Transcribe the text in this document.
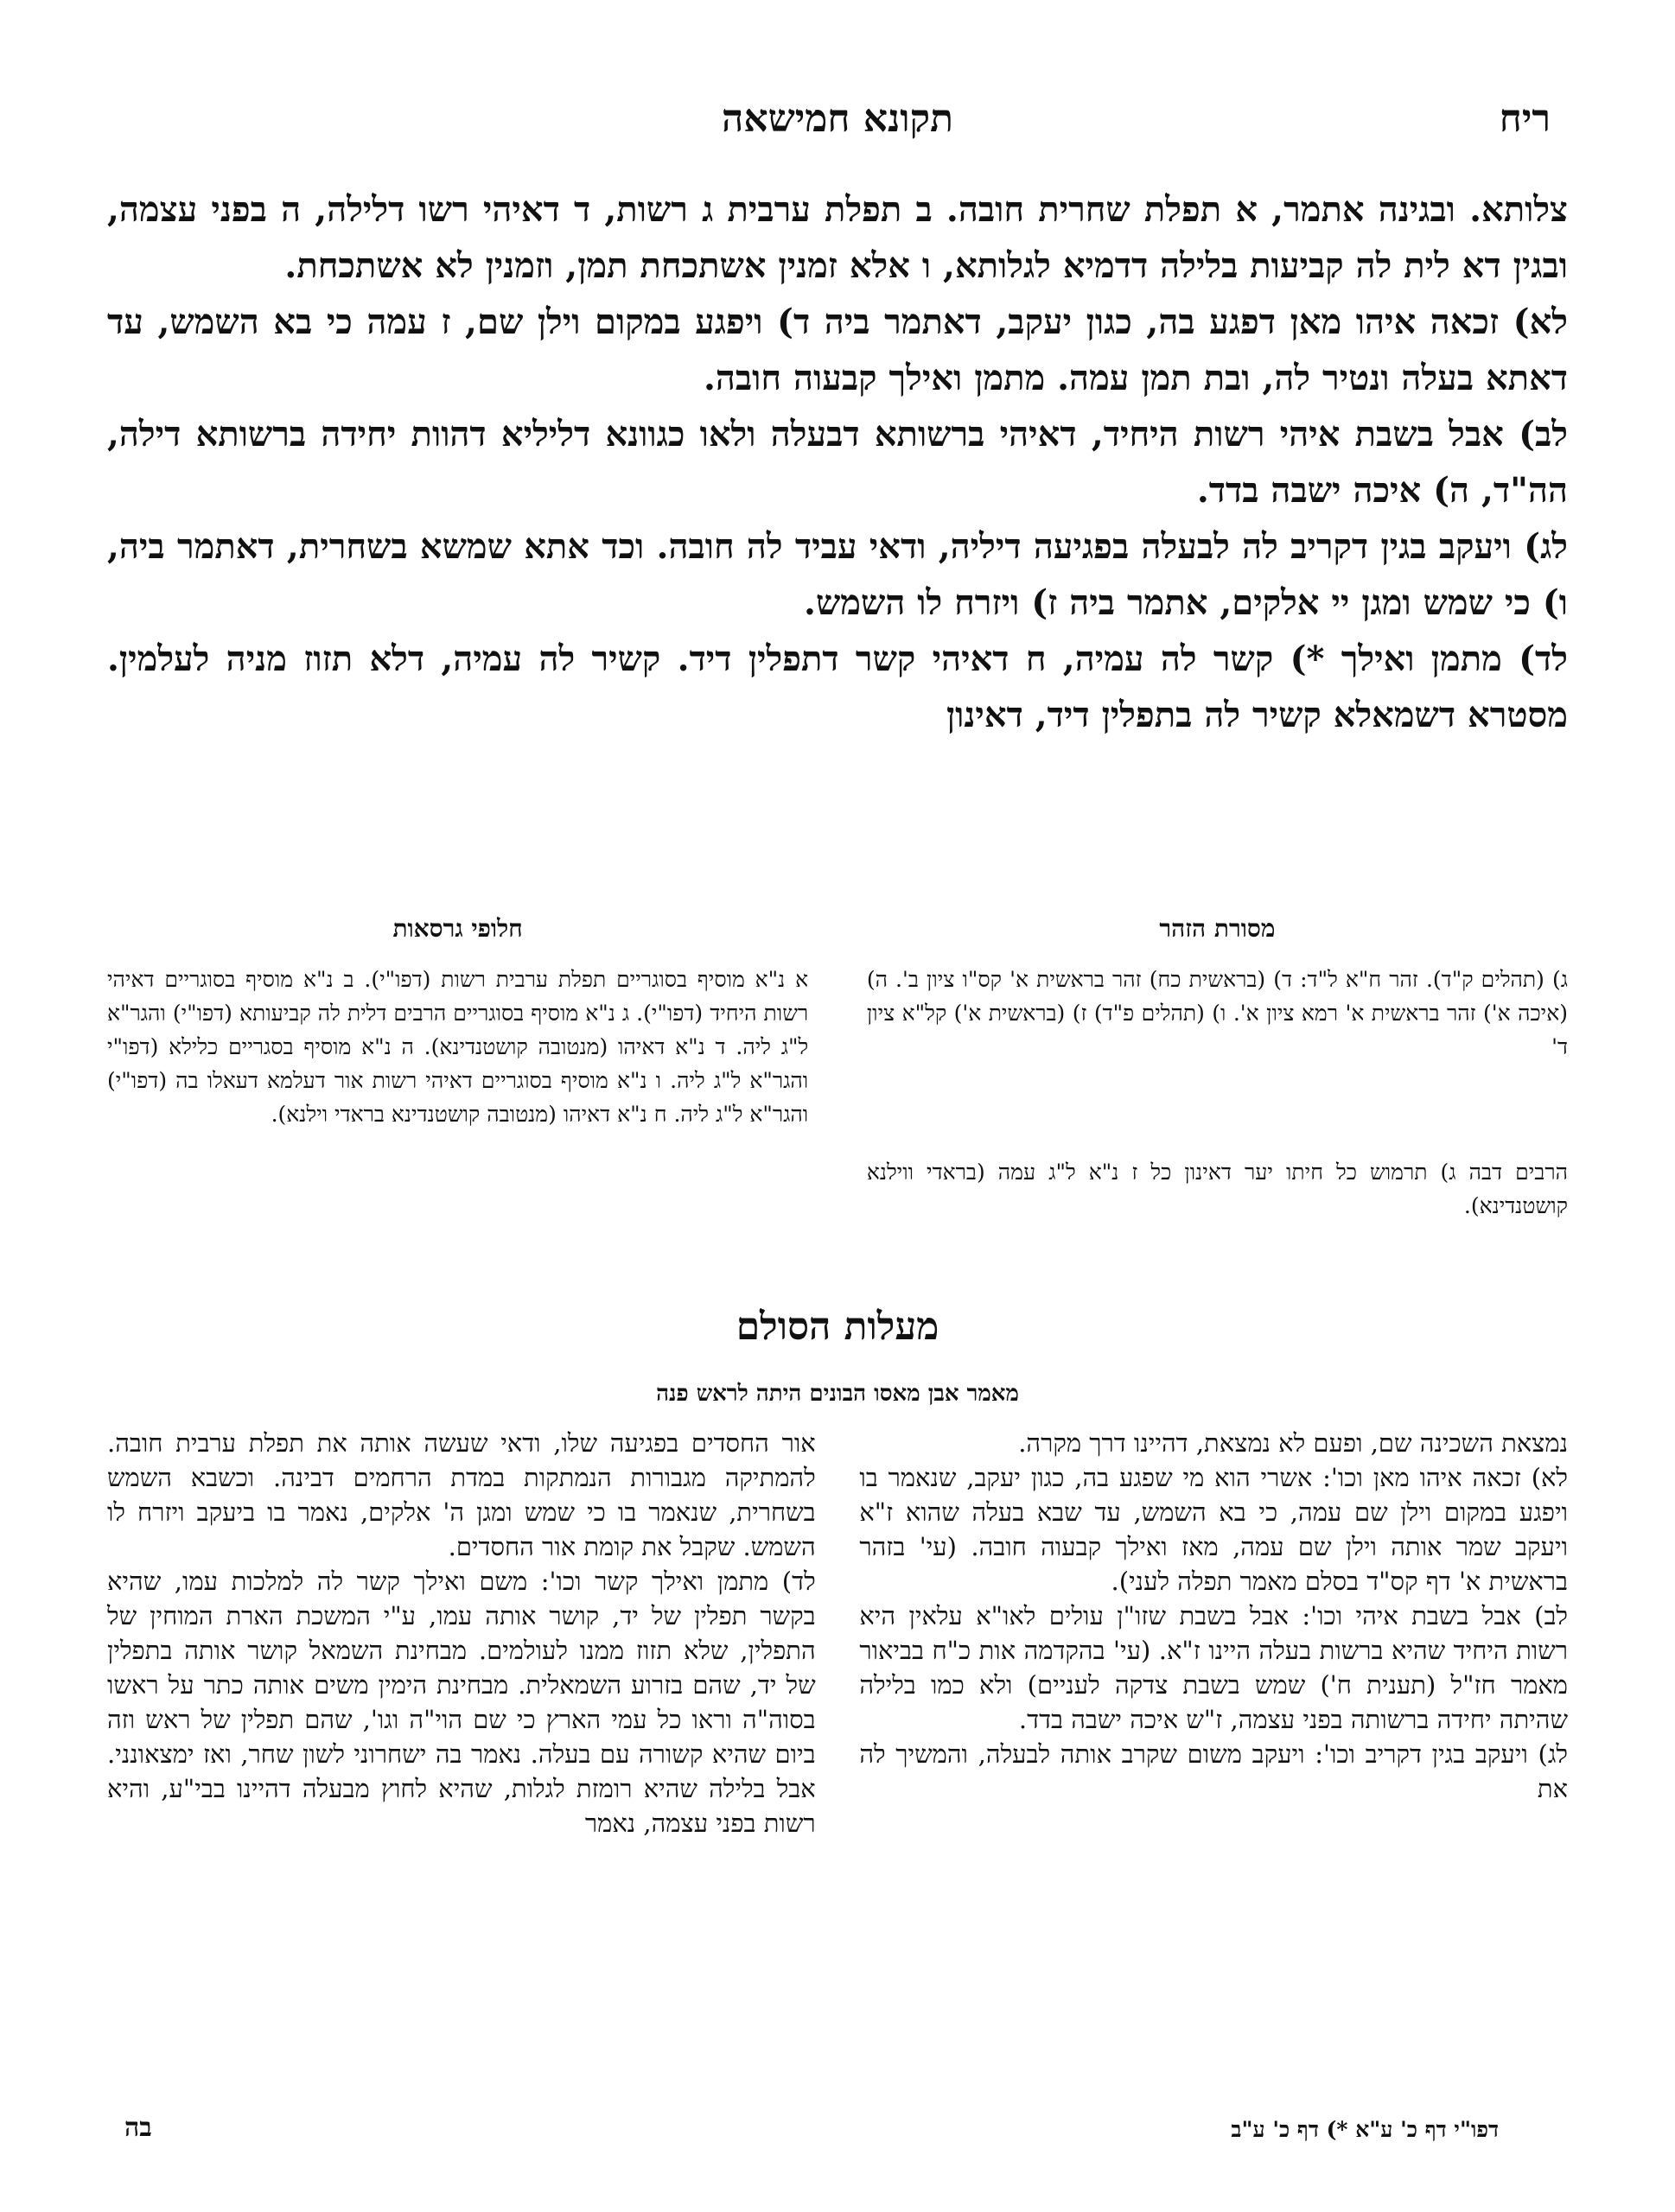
ריח
תקונא חמישאה

צלותא. ובגינה אתמר, א תפלת שחרית חובה. ב תפלת ערבית ג רשות, ד דאיהי רשו דלילה, ה בפני עצמה, ובגין דא לית לה קביעות בלילה דדמיא לגלותא, ו אלא זמנין אשתכחת תמן, וזמנין לא אשתכחת.

לא) זכאה איהו מאן דפגע בה, כגון יעקב, דאתמר ביה ד) ויפגע במקום וילן שם, ז עמה כי בא השמש, עד דאתא בעלה ונטיר לה, ובת תמן עמה. מתמן ואילך קבעוה חובה.

לב) אבל בשבת איהי רשות היחיד, דאיהי ברשותא דבעלה ולאו כגוונא דליליא דהוות יחידה ברשותא דילה, הה"ד, ה) איכה ישבה בדד.

לג) ויעקב בגין דקריב לה לבעלה בפגיעה דיליה, ודאי עביד לה חובה. וכד אתא שמשא בשחרית, דאתמר ביה, ו) כי שמש ומגן יי אלקים, אתמר ביה ז) ויזרח לו השמש.

לד) מתמן ואילך *) קשר לה עמיה, ח דאיהי קשר דתפלין דיד. קשיר לה עמיה, דלא תזוז מניה לעלמין. מסטרא דשמאלא קשיר לה בתפלין דיד, דאינון

מסורת הזהר

ג) (תהלים ק"ד). זהר ח"א ל"ד: ד) (בראשית כח) זהר בראשית א' קס"ו ציון ב'. ה) (איכה א') זהר בראשית א' רמא ציון א'. ו) (תהלים פ"ד) ז) (בראשית א') קל"א ציון ד'

הרבים דבה ג) תרמוש כל חיתו יער דאינון כל ז נ"א ל"ג עמה (בראדי ווילנא קושטנדינא).

חלופי גרסאות

א נ"א מוסיף בסוגריים תפלת ערבית רשות (דפו"י). ב נ"א מוסיף בסוגריים דאיהי רשות היחיד (דפו"י). ג נ"א מוסיף בסוגריים הרבים דלית לה קביעותא (דפו"י) והגר"א ל"ג ליה. ד נ"א דאיהו (מנטובה קושטנדינא). ה נ"א מוסיף בסגריים כלילא (דפו"י והגר"א ל"ג ליה. ו נ"א מוסיף בסוגריים דאיהי רשות אור דעלמא דעאלו בה (דפו"י) והגר"א ל"ג ליה. ח נ"א דאיהו (מנטובה קושטנדינא בראדי וילנא).

מעלות הסולם
מאמר אבן מאסו הבונים היתה לראש פנה

נמצאת השכינה שם, ופעם לא נמצאת, דהיינו דרך מקרה.

לא) זכאה איהו מאן וכו': אשרי הוא מי שפגע בה, כגון יעקב, שנאמר בו ויפגע במקום וילן שם עמה, כי בא השמש, עד שבא בעלה שהוא ז"א ויעקב שמר אותה וילן שם עמה, מאז ואילך קבעוה חובה. (עי' בזהר בראשית א' דף קס"ד בסלם מאמר תפלה לעני).

לב) אבל בשבת איהי וכו': אבל בשבת שזו"ן עולים לאו"א עלאין היא רשות היחיד שהיא ברשות בעלה היינו ז"א. (עי' בהקדמה אות כ"ח בביאור מאמר חז"ל (תענית ח') שמש בשבת צדקה לעניים) ולא כמו בלילה שהיתה יחידה ברשותה בפני עצמה, ז"ש איכה ישבה בדד.

לג) ויעקב בגין דקריב וכו': ויעקב משום שקרב אותה לבעלה, והמשיך לה את

אור החסדים בפגיעה שלו, ודאי שעשה אותה את תפלת ערבית חובה. להמתיקה מגבורות הנמתקות במדת הרחמים דבינה. וכשבא השמש בשחרית, שנאמר בו כי שמש ומגן ה' אלקים, נאמר בו ביעקב ויזרח לו השמש. שקבל את קומת אור החסדים.

לד) מתמן ואילך קשר וכו': משם ואילך קשר לה למלכות עמו, שהיא בקשר תפלין של יד, קושר אותה עמו, ע"י המשכת הארת המוחין של התפלין, שלא תזוז ממנו לעולמים. מבחינת השמאל קושר אותה בתפלין של יד, שהם בזרוע השמאלית. מבחינת הימין משים אותה כתר על ראשו בסוה"ה וראו כל עמי הארץ כי שם הוי"ה וגו', שהם תפלין של ראש וזה ביום שהיא קשורה עם בעלה. נאמר בה ישחרוני לשון שחר, ואז ימצאונני. אבל בלילה שהיא רומזת לגלות, שהיא לחוץ מבעלה דהיינו בבי"ע, והיא רשות בפני עצמה, נאמר

דפו"י דף כ' ע"א *) דף כ' ע"ב
בה
